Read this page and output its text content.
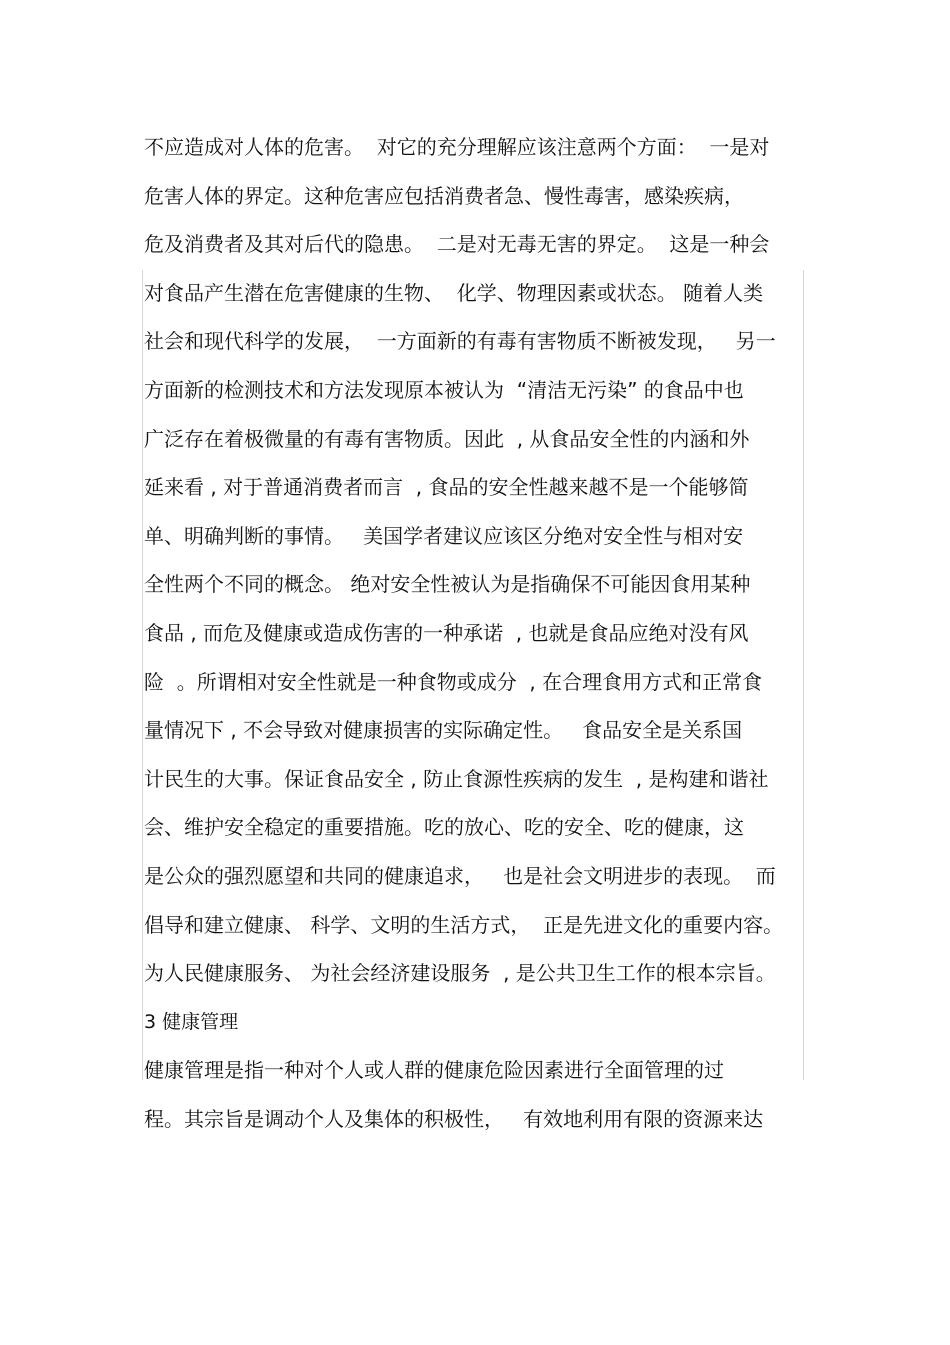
不应造成对人体的危害。  对它的充分理解应该注意两个方面：  一是对
危害人体的界定。这种危害应包括消费者急、慢性毒害，感染疾病，
危及消费者及其对后代的隐患。  二是对无毒无害的界定。  这是一种会
对食品产生潜在危害健康的生物、  化学、物理因素或状态。 随着人类
社会和现代科学的发展，  一方面新的有毒有害物质不断被发现，   另一
方面新的检测技术和方法发现原本被认为  “清洁无污染” 的食品中也
广泛存在着极微量的有毒有害物质。因此  , 从食品安全性的内涵和外
延来看 , 对于普通消费者而言  , 食品的安全性越来越不是一个能够简
单、明确判断的事情。   美国学者建议应该区分绝对安全性与相对安
全性两个不同的概念。 绝对安全性被认为是指确保不可能因食用某种
食品 , 而危及健康或造成伤害的一种承诺  , 也就是食品应绝对没有风
险  。所谓相对安全性就是一种食物或成分  , 在合理食用方式和正常食
量情况下 , 不会导致对健康损害的实际确定性。   食品安全是关系国
计民生的大事。保证食品安全 , 防止食源性疾病的发生  , 是构建和谐社
会、维护安全稳定的重要措施。吃的放心、吃的安全、吃的健康，这
是公众的强烈愿望和共同的健康追求，   也是社会文明进步的表现。  而
倡导和建立健康、 科学、文明的生活方式，  正是先进文化的重要内容。
为人民健康服务、 为社会经济建设服务  , 是公共卫生工作的根本宗旨。
3 健康管理
健康管理是指一种对个人或人群的健康危险因素进行全面管理的过
程。其宗旨是调动个人及集体的积极性，   有效地利用有限的资源来达
